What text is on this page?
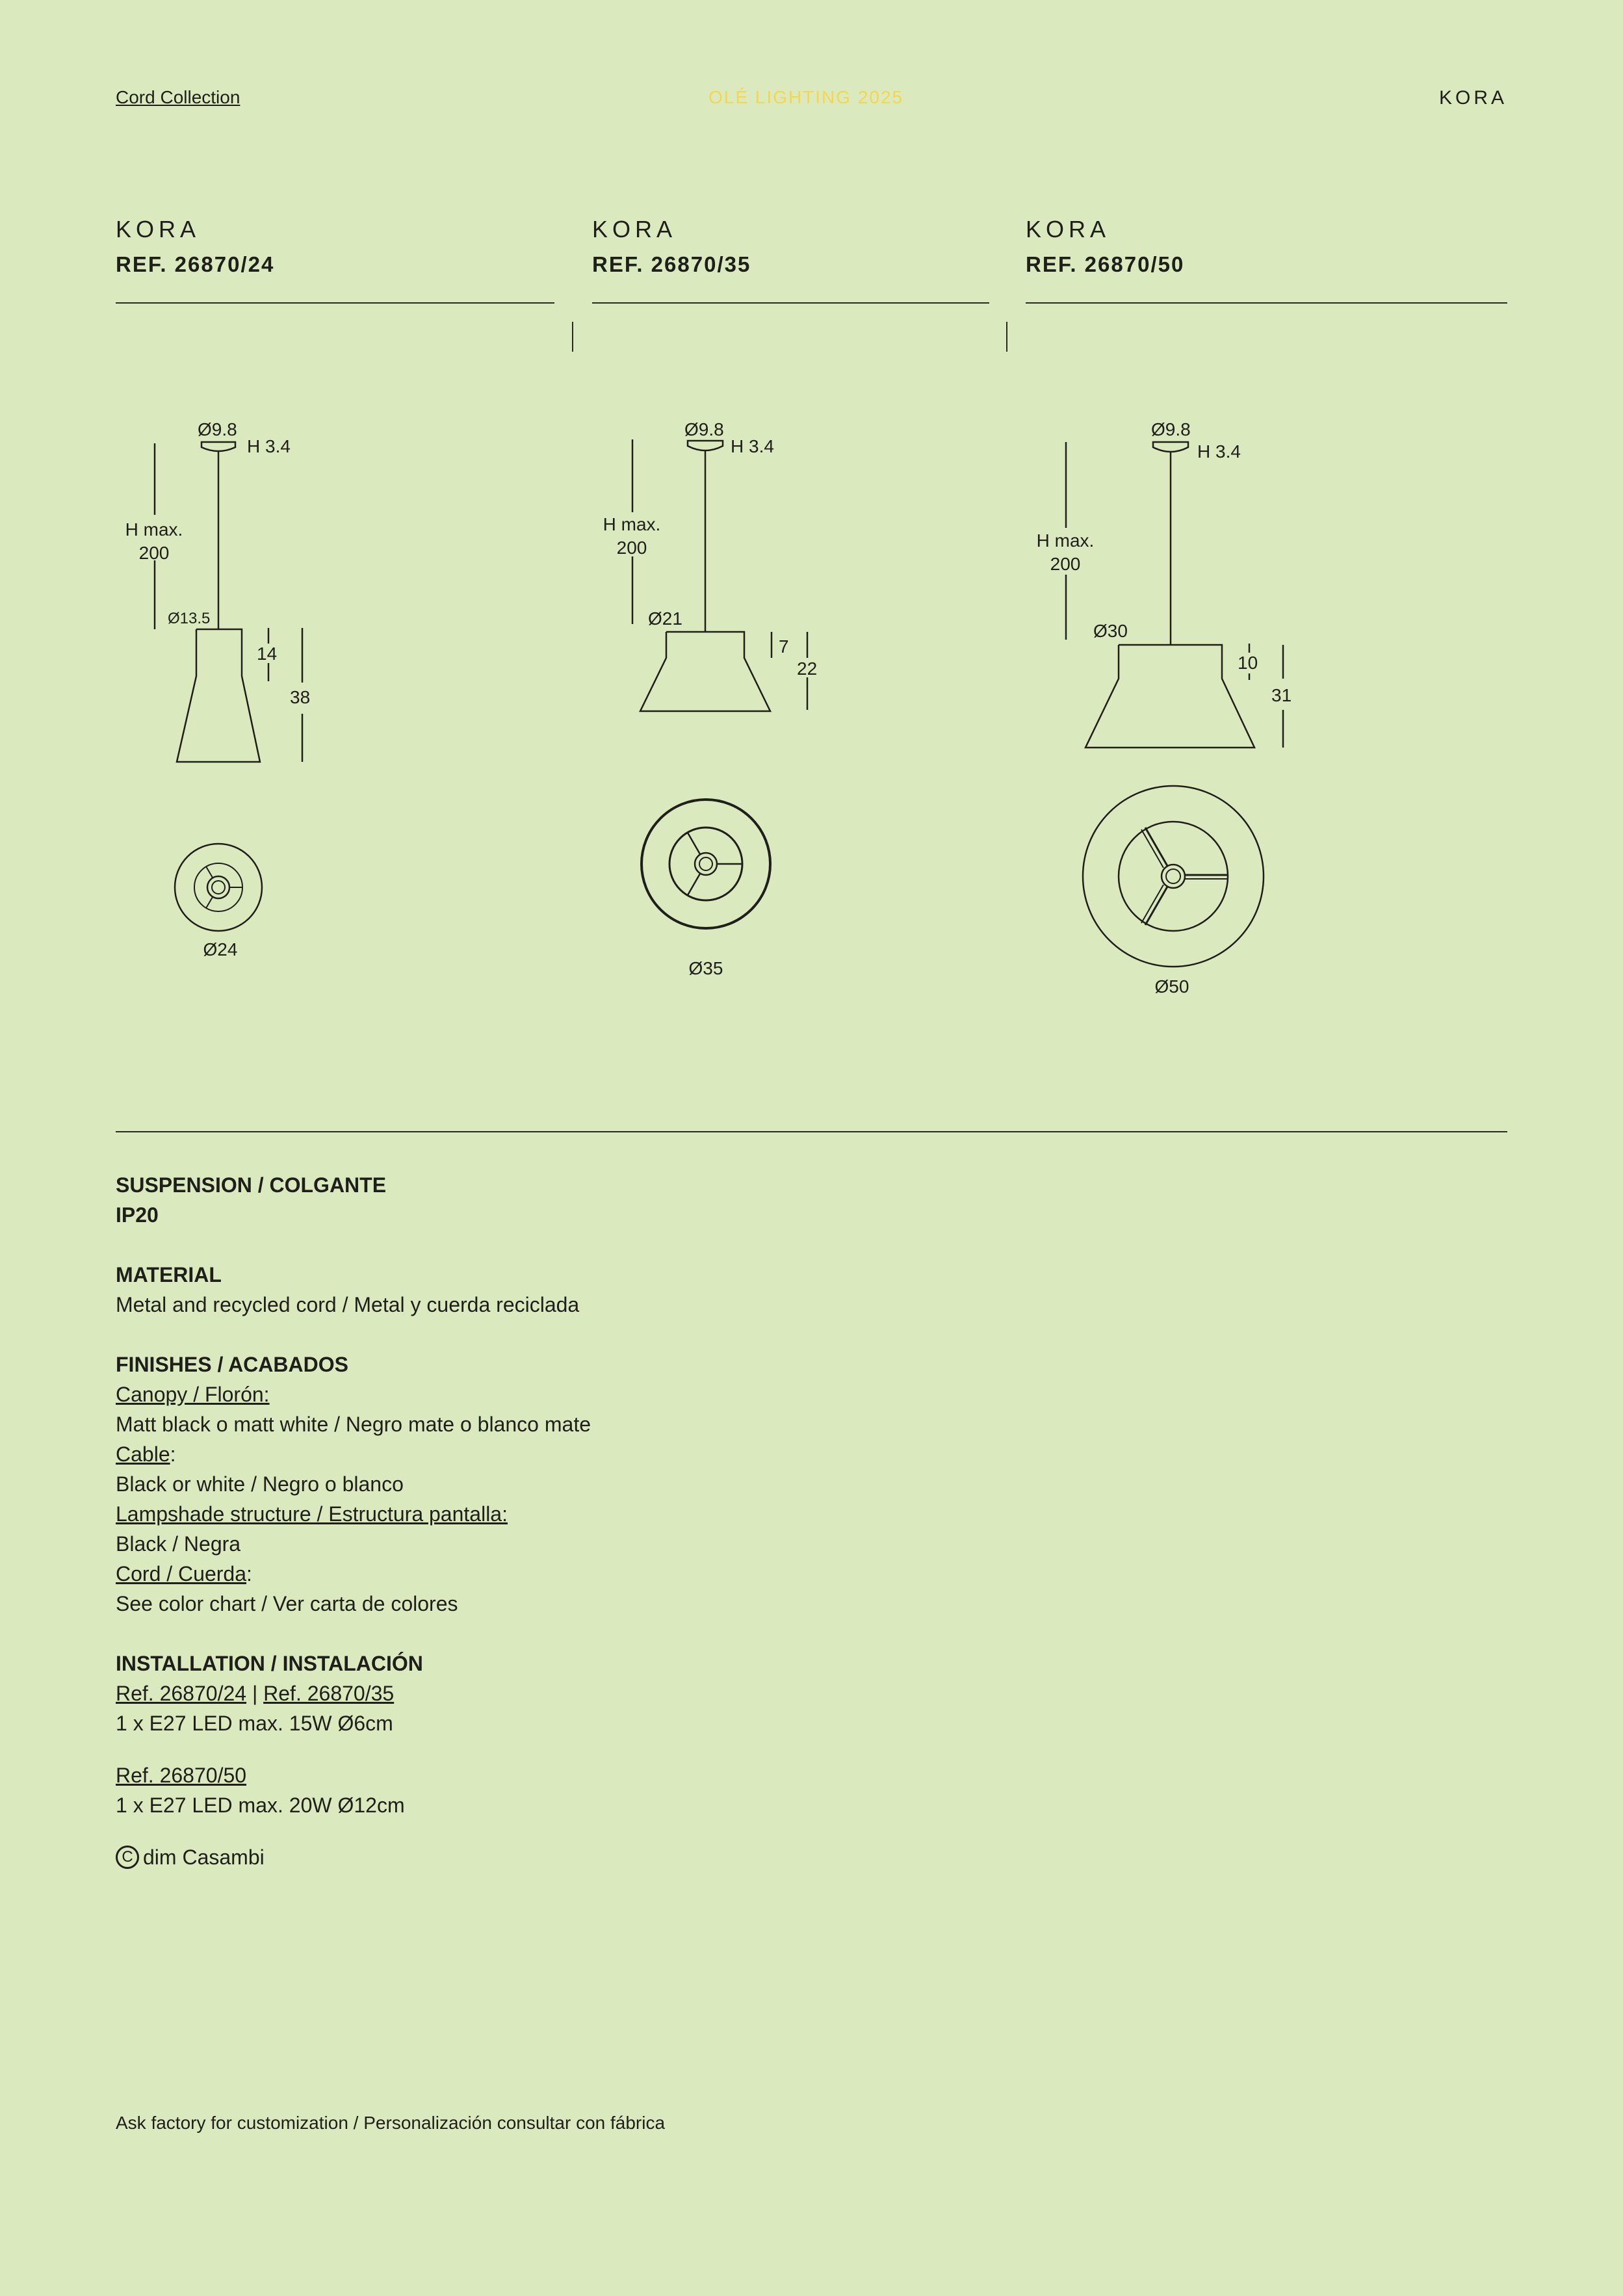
Cord Collection	OLÉ LIGHTING 2025	KORA
KORA
REF. 26870/24
KORA
REF. 26870/35
KORA
REF. 26870/50
Ø9.8
H 3.4
H max.
200
Ø13.5
14
38
Ø24
Ø9.8
H 3.4
H max.
200
Ø21
7
22
Ø35
Ø9.8
H 3.4
H max.
200
Ø30
10
31
Ø50
SUSPENSION / COLGANTE
IP20
MATERIAL
Metal and recycled cord / Metal y cuerda reciclada
FINISHES / ACABADOS
Canopy / Florón:
Matt black o matt white / Negro mate o blanco mate
Cable:
Black or white / Negro o blanco
Lampshade structure / Estructura pantalla:
Black / Negra
Cord / Cuerda:
See color chart / Ver carta de colores
INSTALLATION / INSTALACIÓN
Ref. 26870/24 | Ref. 26870/35
1 x E27 LED max. 15W Ø6cm
Ref. 26870/50
1 x E27 LED max. 20W Ø12cm
C dim Casambi
Ask factory for customization / Personalización consultar con fábrica
